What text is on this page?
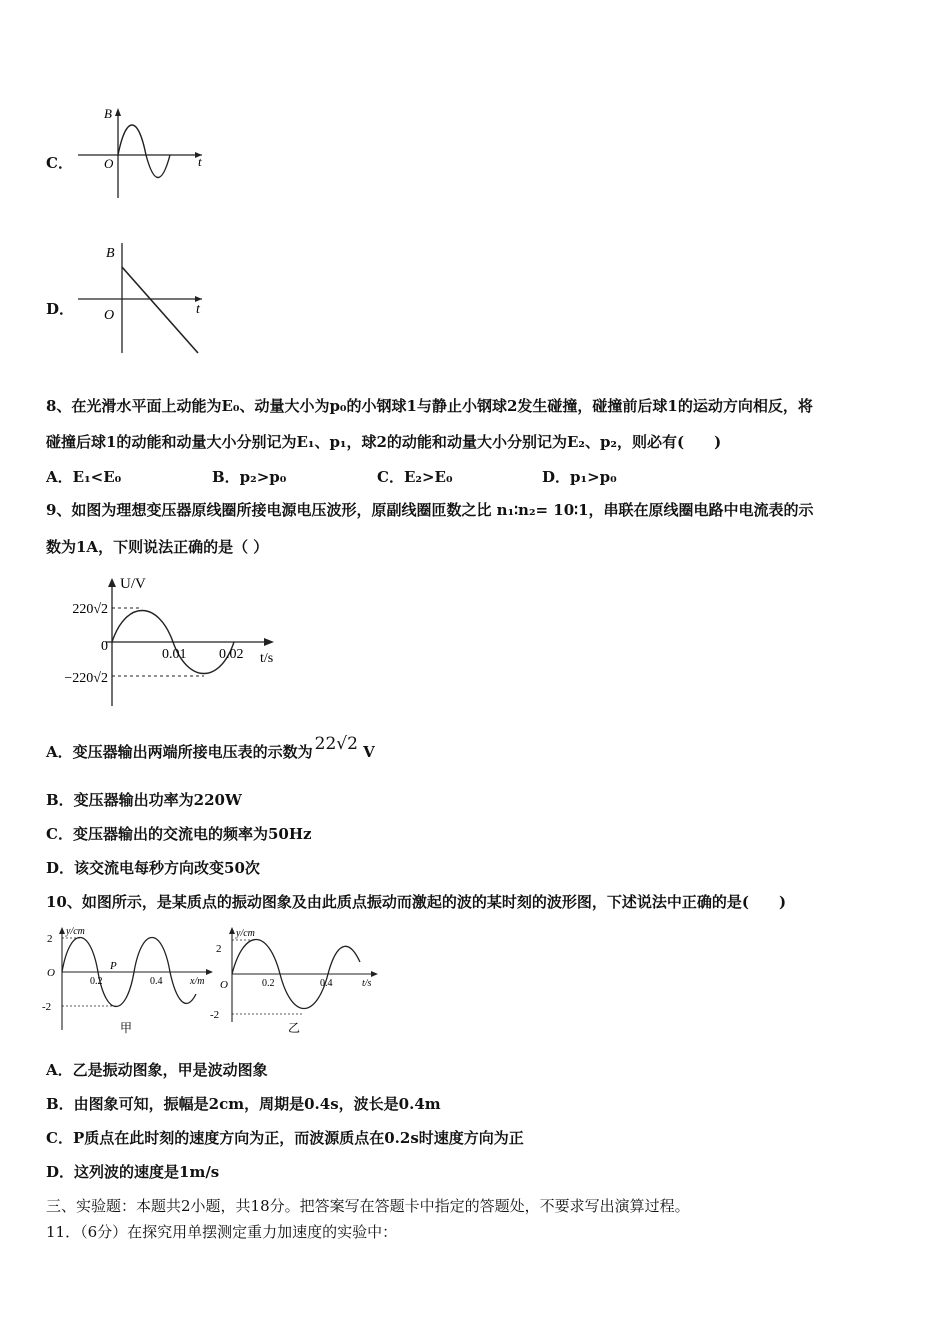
C．
B
O	t
D．
B
O	t
8、在光滑水平面上动能为E₀、动量大小为p₀的小钢球1与静止小钢球2发生碰撞，碰撞前后球1的运动方向相反，将
碰撞后球1的动能和动量大小分别记为E₁、p₁，球2的动能和动量大小分别记为E₂、p₂，则必有(　　)
A．E₁<E₀	B．p₂>p₀	C．E₂>E₀	D．p₁>p₀
9、如图为理想变压器原线圈所接电源电压波形，原副线圈匝数之比 n₁∶n₂= 10∶1，串联在原线圈电路中电流表的示
数为1A，下则说法正确的是（ ）
U/V
220√2
0
−220√2
0.01 0.02 t/s
A．变压器输出两端所接电压表的示数为 22√2 V
B．变压器输出功率为220W
C．变压器输出的交流电的频率为50Hz
D．该交流电每秒方向改变50次
10、如图所示，是某质点的振动图象及由此质点振动而激起的波的某时刻的波形图，下述说法中正确的是(　　)
y/cm
2
O
-2
0.2	0.4	x/m
P
甲
y/cm
2
O
-2
0.2	0.4	t/s
乙
A．乙是振动图象，甲是波动图象
B．由图象可知，振幅是2cm，周期是0.4s，波长是0.4m
C．P质点在此时刻的速度方向为正，而波源质点在0.2s时速度方向为正
D．这列波的速度是1m/s
三、实验题：本题共2小题，共18分。把答案写在答题卡中指定的答题处，不要求写出演算过程。
11．（6分）在探究用单摆测定重力加速度的实验中：
